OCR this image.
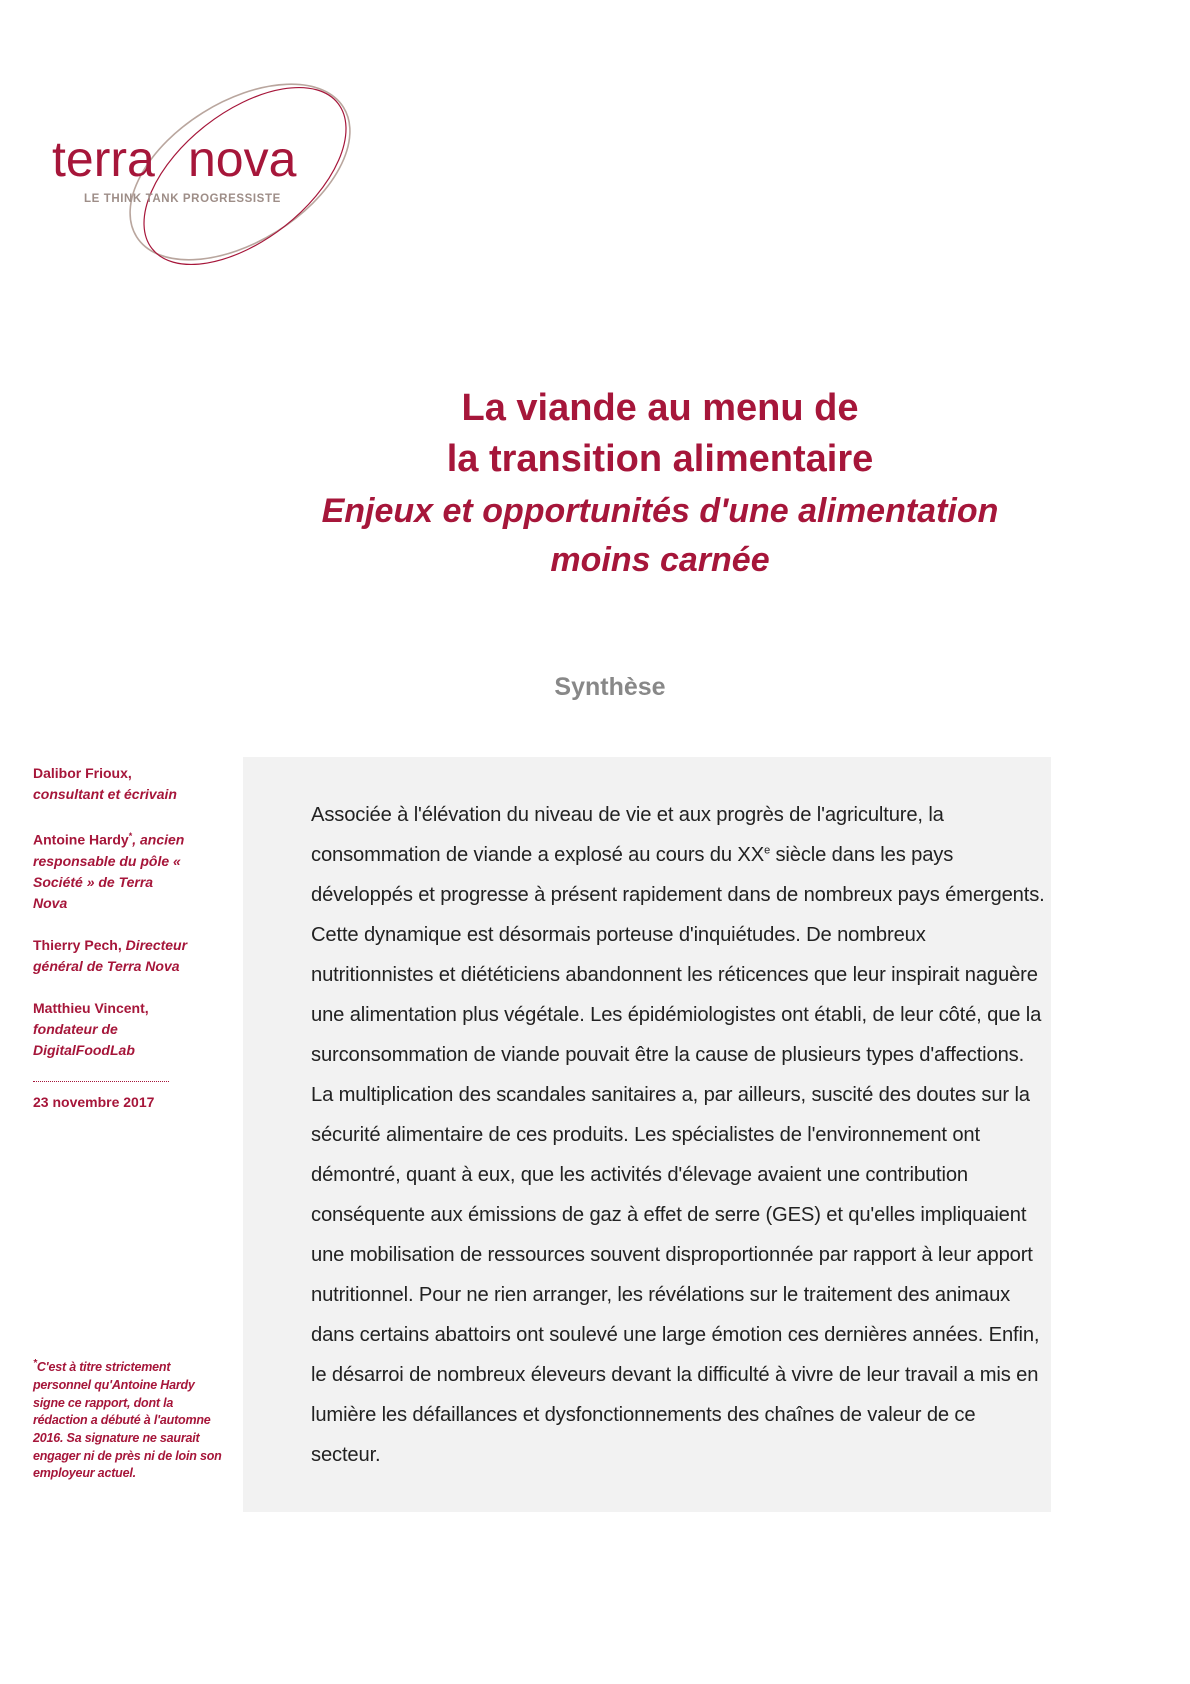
terra nova
LE THINK TANK PROGRESSISTE
La viande au menu de
la transition alimentaire
Enjeux et opportunités d'une alimentation
moins carnée
Synthèse
Dalibor Frioux,
consultant et écrivain
Antoine Hardy*, ancien
responsable du pôle « Société » de Terra Nova
Thierry Pech, Directeur
général de Terra Nova
Matthieu Vincent,
fondateur de DigitalFoodLab
23 novembre 2017
*C'est à titre strictement personnel qu'Antoine Hardy signe ce rapport, dont la rédaction a débuté à l'automne 2016. Sa signature ne saurait engager ni de près ni de loin son employeur actuel.
Associée à l'élévation du niveau de vie et aux progrès de l'agriculture, la
consommation de viande a explosé au cours du XXe siècle dans les pays
développés et progresse à présent rapidement dans de nombreux pays émergents.
Cette dynamique est désormais porteuse d'inquiétudes. De nombreux
nutritionnistes et diététiciens abandonnent les réticences que leur inspirait naguère
une alimentation plus végétale. Les épidémiologistes ont établi, de leur côté, que la
surconsommation de viande pouvait être la cause de plusieurs types d'affections.
La multiplication des scandales sanitaires a, par ailleurs, suscité des doutes sur la
sécurité alimentaire de ces produits. Les spécialistes de l'environnement ont
démontré, quant à eux, que les activités d'élevage avaient une contribution
conséquente aux émissions de gaz à effet de serre (GES) et qu'elles impliquaient
une mobilisation de ressources souvent disproportionnée par rapport à leur apport
nutritionnel. Pour ne rien arranger, les révélations sur le traitement des animaux
dans certains abattoirs ont soulevé une large émotion ces dernières années. Enfin,
le désarroi de nombreux éleveurs devant la difficulté à vivre de leur travail a mis en
lumière les défaillances et dysfonctionnements des chaînes de valeur de ce
secteur.
